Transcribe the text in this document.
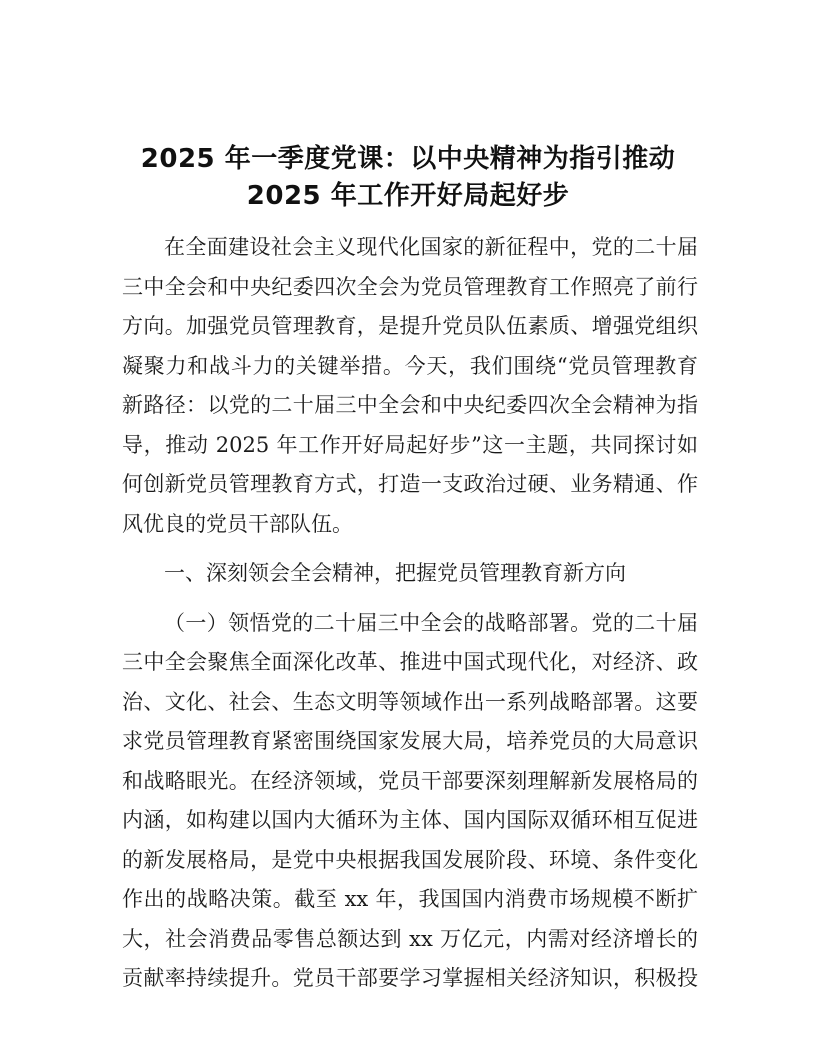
2025 年一季度党课：以中央精神为指引推动
2025 年工作开好局起好步
在全面建设社会主义现代化国家的新征程中，党的二十届
三中全会和中央纪委四次全会为党员管理教育工作照亮了前行
方向。加强党员管理教育，是提升党员队伍素质、增强党组织
凝聚力和战斗力的关键举措。今天，我们围绕“党员管理教育
新路径：以党的二十届三中全会和中央纪委四次全会精神为指
导，推动 2025 年工作开好局起好步”这一主题，共同探讨如
何创新党员管理教育方式，打造一支政治过硬、业务精通、作
风优良的党员干部队伍。
一、深刻领会全会精神，把握党员管理教育新方向
（一）领悟党的二十届三中全会的战略部署。党的二十届
三中全会聚焦全面深化改革、推进中国式现代化，对经济、政
治、文化、社会、生态文明等领域作出一系列战略部署。这要
求党员管理教育紧密围绕国家发展大局，培养党员的大局意识
和战略眼光。在经济领域，党员干部要深刻理解新发展格局的
内涵，如构建以国内大循环为主体、国内国际双循环相互促进
的新发展格局，是党中央根据我国发展阶段、环境、条件变化
作出的战略决策。截至 xx 年，我国国内消费市场规模不断扩
大，社会消费品零售总额达到 xx 万亿元，内需对经济增长的
贡献率持续提升。党员干部要学习掌握相关经济知识，积极投
